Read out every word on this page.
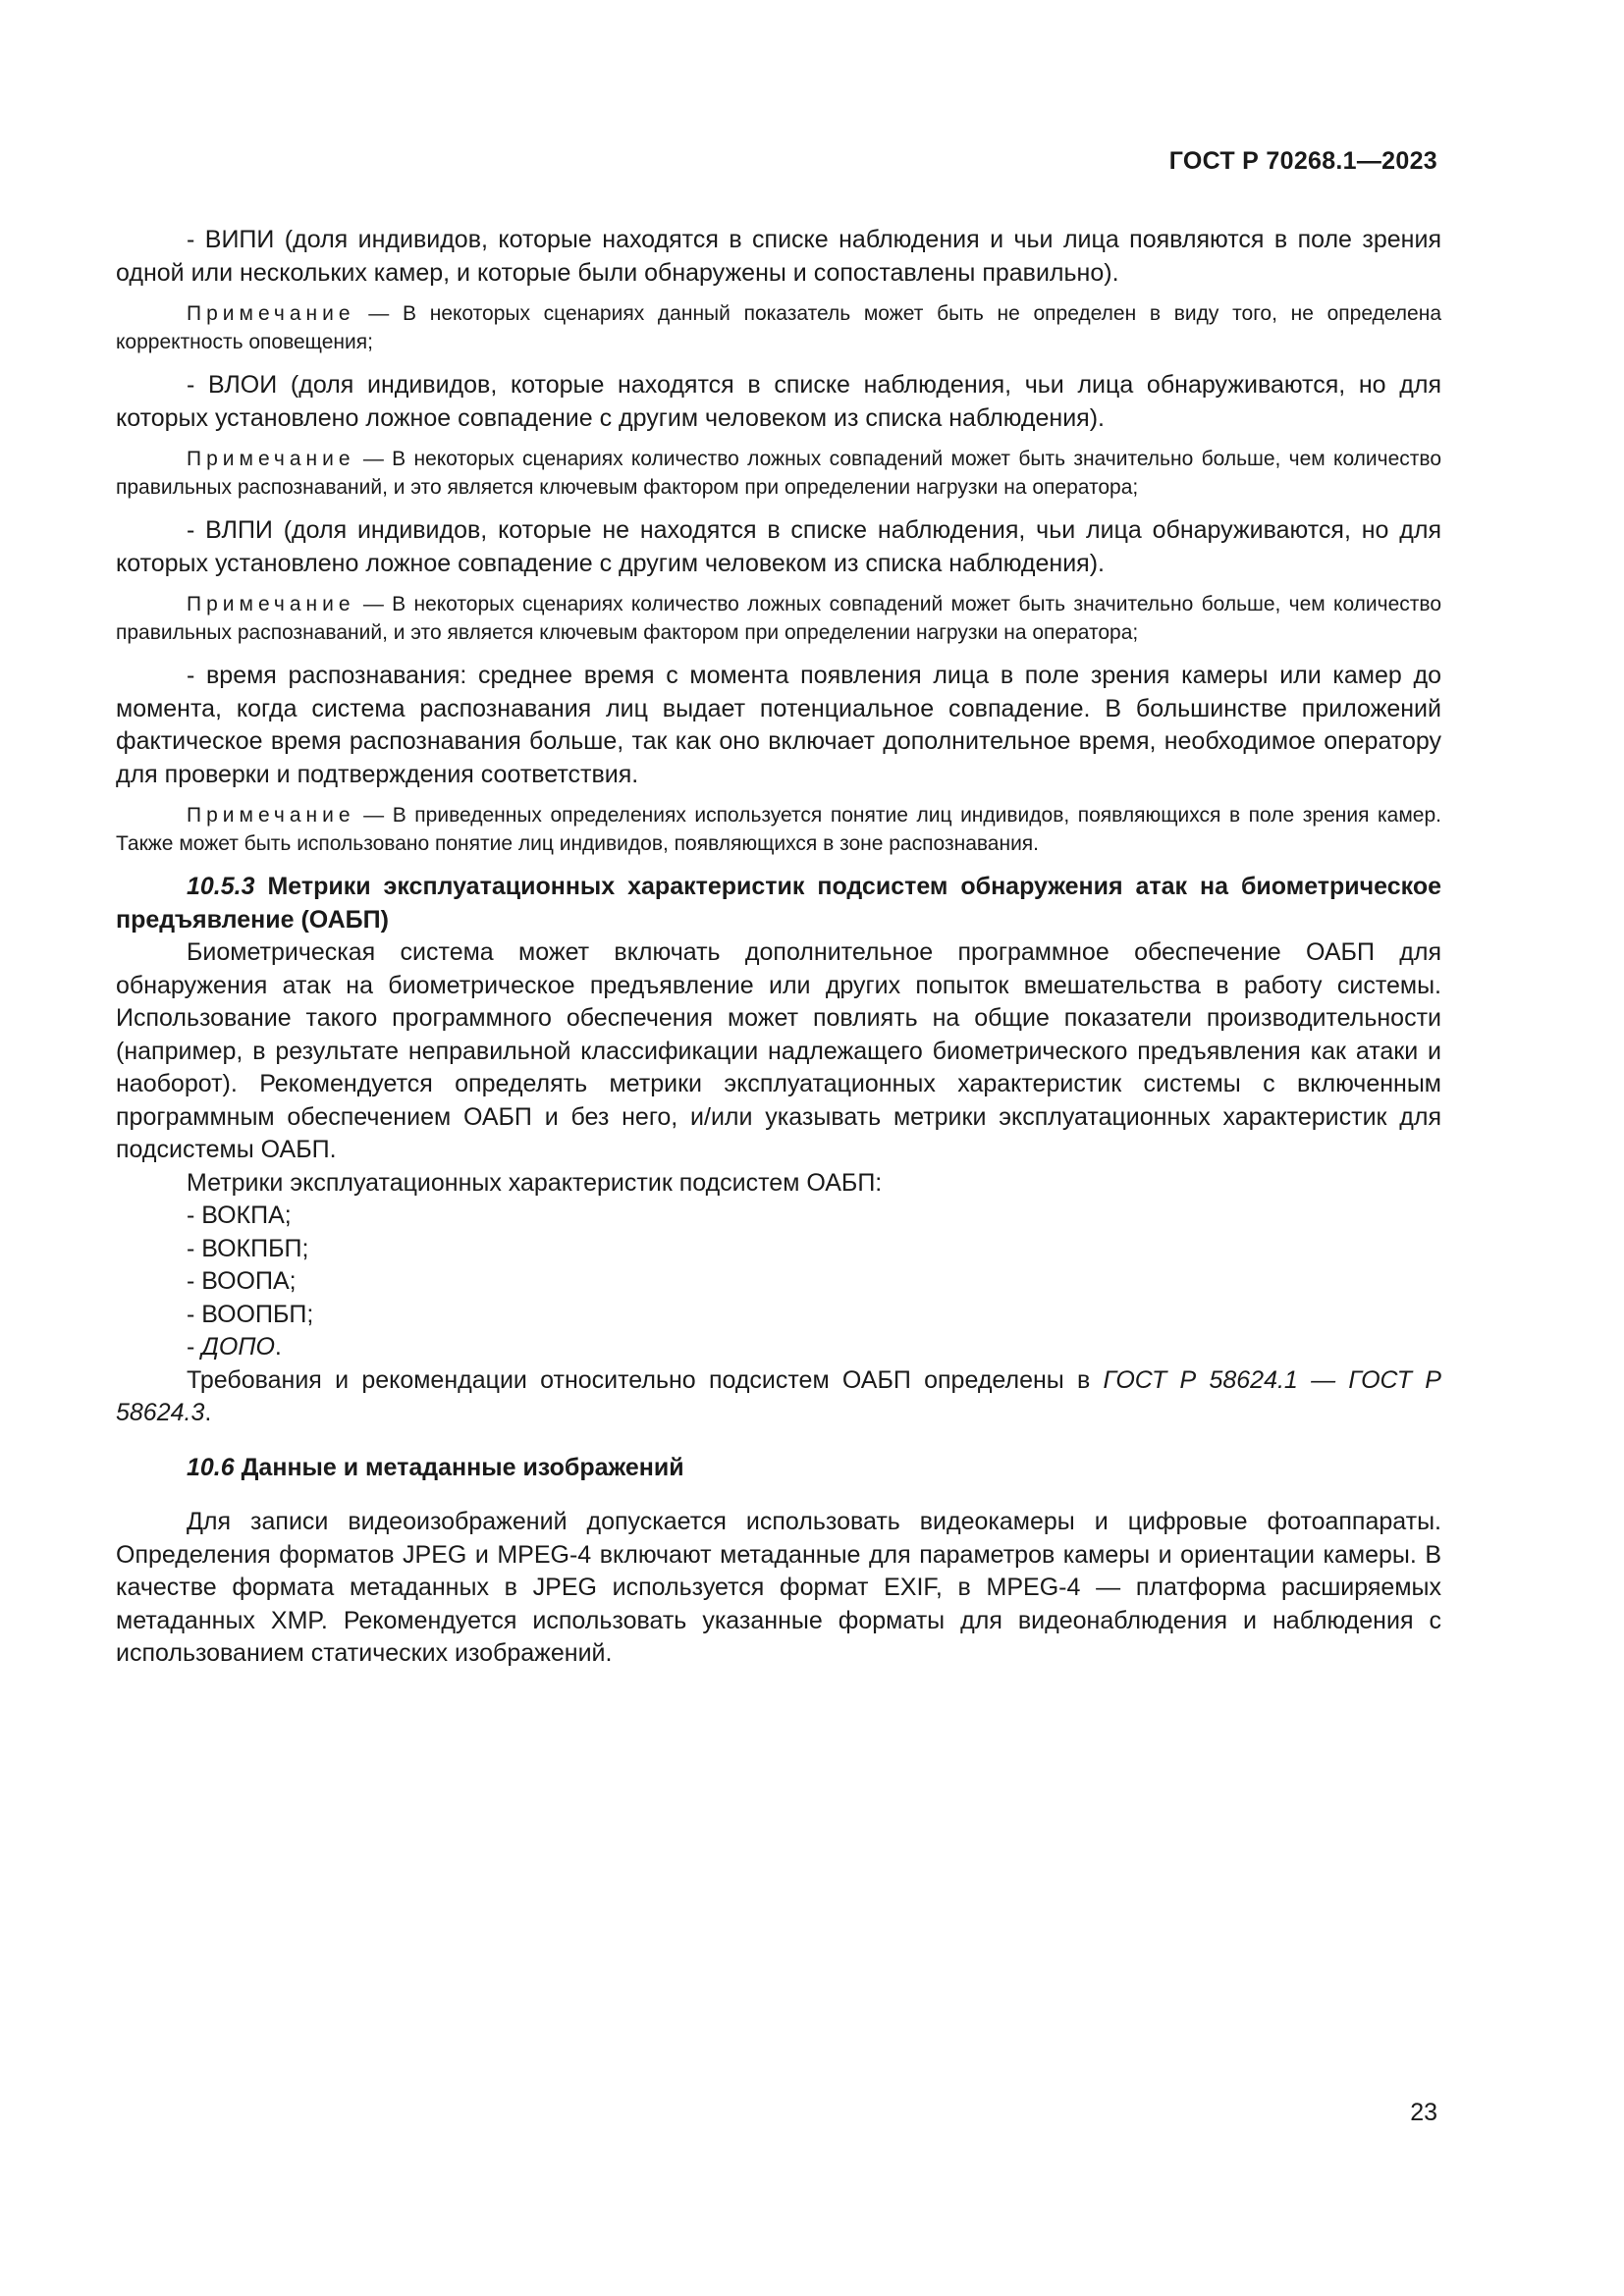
ГОСТ Р 70268.1—2023

- ВИПИ (доля индивидов, которые находятся в списке наблюдения и чьи лица появляются в поле зрения одной или нескольких камер, и которые были обнаружены и сопоставлены правильно).

Примечание — В некоторых сценариях данный показатель может быть не определен в виду того, не определена корректность оповещения;

- ВЛОИ (доля индивидов, которые находятся в списке наблюдения, чьи лица обнаруживаются, но для которых установлено ложное совпадение с другим человеком из списка наблюдения).

Примечание — В некоторых сценариях количество ложных совпадений может быть значительно больше, чем количество правильных распознаваний, и это является ключевым фактором при определении нагрузки на оператора;

- ВЛПИ (доля индивидов, которые не находятся в списке наблюдения, чьи лица обнаруживаются, но для которых установлено ложное совпадение с другим человеком из списка наблюдения).

Примечание — В некоторых сценариях количество ложных совпадений может быть значительно больше, чем количество правильных распознаваний, и это является ключевым фактором при определении нагрузки на оператора;

- время распознавания: среднее время с момента появления лица в поле зрения камеры или камер до момента, когда система распознавания лиц выдает потенциальное совпадение. В большинстве приложений фактическое время распознавания больше, так как оно включает дополнительное время, необходимое оператору для проверки и подтверждения соответствия.

Примечание — В приведенных определениях используется понятие лиц индивидов, появляющихся в поле зрения камер. Также может быть использовано понятие лиц индивидов, появляющихся в зоне распознавания.

10.5.3 Метрики эксплуатационных характеристик подсистем обнаружения атак на биометрическое предъявление (ОАБП)

Биометрическая система может включать дополнительное программное обеспечение ОАБП для обнаружения атак на биометрическое предъявление или других попыток вмешательства в работу системы. Использование такого программного обеспечения может повлиять на общие показатели производительности (например, в результате неправильной классификации надлежащего биометрического предъявления как атаки и наоборот). Рекомендуется определять метрики эксплуатационных характеристик системы с включенным программным обеспечением ОАБП и без него, и/или указывать метрики эксплуатационных характеристик для подсистемы ОАБП.

Метрики эксплуатационных характеристик подсистем ОАБП:

- ВОКПА;

- ВОКПБП;

- ВООПА;

- ВООПБП;

- ДОПО.

Требования и рекомендации относительно подсистем ОАБП определены в ГОСТ Р 58624.1 — ГОСТ Р 58624.3.

10.6 Данные и метаданные изображений

Для записи видеоизображений допускается использовать видеокамеры и цифровые фотоаппараты. Определения форматов JPEG и MPEG-4 включают метаданные для параметров камеры и ориентации камеры. В качестве формата метаданных в JPEG используется формат EXIF, в MPEG-4 — платформа расширяемых метаданных XMP. Рекомендуется использовать указанные форматы для видеонаблюдения и наблюдения с использованием статических изображений.

23
